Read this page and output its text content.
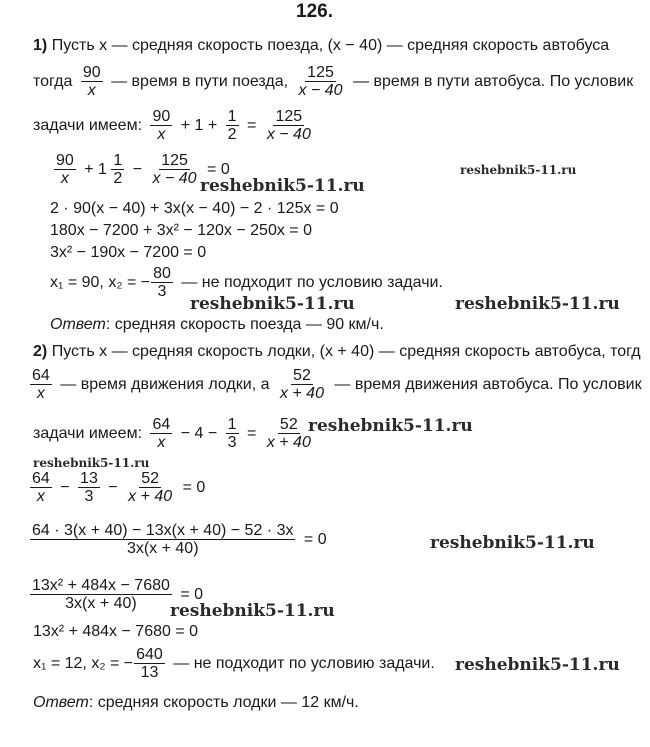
126.
1) Пусть x — средняя скорость поезда, (x − 40) — средняя скорость автобуса
тогда $\frac{90}{x}$ — время в пути поезда, $\frac{125}{x - 40}$ — время в пути автобуса. По условик
задачи имеем: $\frac{90}{x} + 1 + \frac{1}{2} = \frac{125}{x - 40}$
$\frac{90}{x} + 1 \frac{1}{2} - \frac{125}{x - 40} = 0$
2 · 90(x − 40) + 3x(x − 40) − 2 · 125x = 0
180x − 7200 + 3x² − 120x − 250x = 0
3x² − 190x − 7200 = 0
x₁ = 90, x₂ = − $\frac{80}{3}$ — не подходит по условию задачи.
Ответ: средняя скорость поезда — 90 км/ч.
2) Пусть x — средняя скорость лодки, (x + 40) — средняя скорость автобуса, тогд
$\frac{64}{x}$ — время движения лодки, а $\frac{52}{x + 40}$ — время движения автобуса. По условик
задачи имеем: $\frac{64}{x} - 4 - \frac{1}{3} = \frac{52}{x + 40}$
$\frac{64}{x} - \frac{13}{3} - \frac{52}{x + 40} = 0$
$\frac{64 \cdot 3(x + 40) - 13x(x + 40) - 52 \cdot 3x}{3x(x + 40)} = 0$
$\frac{\text{13x² + 484x − 7680}}{3x(x + 40)} = 0$
13x² + 484x − 7680 = 0
x₁ = 12, x₂ = − $\frac{640}{13}$ — не подходит по условию задачи.
Ответ: средняя скорость лодки — 12 км/ч.
reshebnik5-11.ru
reshebnik5-11.ru
reshebnik5-11.ru	reshebnik5-11.ru
reshebnik5-11.ru
reshebnik5-11.ru
reshebnik5-11.ru
reshebnik5-11.ru
reshebnik5-11.ru
